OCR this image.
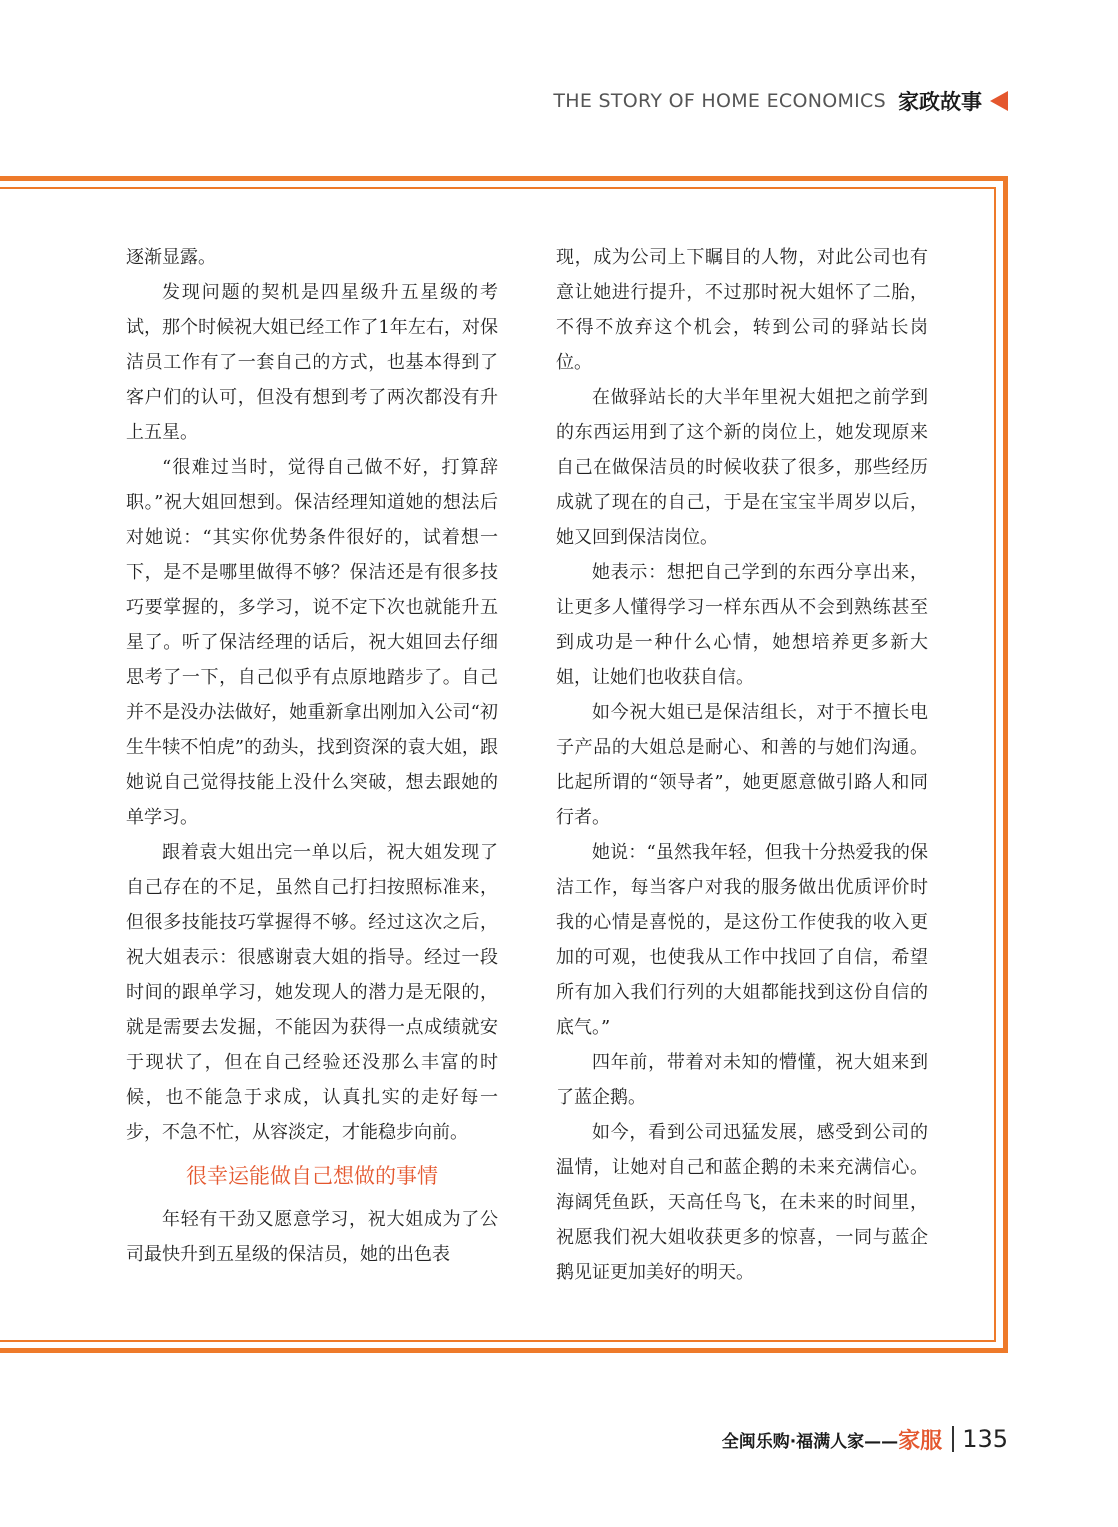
THE STORY OF HOME ECONOMICS 家政故事

逐渐显露。

发现问题的契机是四星级升五星级的考试，那个时候祝大姐已经工作了1年左右，对保洁员工作有了一套自己的方式，也基本得到了客户们的认可，但没有想到考了两次都没有升上五星。

“很难过当时，觉得自己做不好，打算辞职。”祝大姐回想到。保洁经理知道她的想法后对她说：“其实你优势条件很好的，试着想一下，是不是哪里做得不够？保洁还是有很多技巧要掌握的，多学习，说不定下次也就能升五星了。听了保洁经理的话后，祝大姐回去仔细思考了一下，自己似乎有点原地踏步了。自己并不是没办法做好，她重新拿出刚加入公司“初生牛犊不怕虎”的劲头，找到资深的袁大姐，跟她说自己觉得技能上没什么突破，想去跟她的单学习。

跟着袁大姐出完一单以后，祝大姐发现了自己存在的不足，虽然自己打扫按照标准来，但很多技能技巧掌握得不够。经过这次之后，祝大姐表示：很感谢袁大姐的指导。经过一段时间的跟单学习，她发现人的潜力是无限的，就是需要去发掘，不能因为获得一点成绩就安于现状了，但在自己经验还没那么丰富的时候，也不能急于求成，认真扎实的走好每一步，不急不忙，从容淡定，才能稳步向前。

很幸运能做自己想做的事情

年轻有干劲又愿意学习，祝大姐成为了公司最快升到五星级的保洁员，她的出色表

现，成为公司上下瞩目的人物，对此公司也有意让她进行提升，不过那时祝大姐怀了二胎，不得不放弃这个机会，转到公司的驿站长岗位。

在做驿站长的大半年里祝大姐把之前学到的东西运用到了这个新的岗位上，她发现原来自己在做保洁员的时候收获了很多，那些经历成就了现在的自己，于是在宝宝半周岁以后，她又回到保洁岗位。

她表示：想把自己学到的东西分享出来，让更多人懂得学习一样东西从不会到熟练甚至到成功是一种什么心情，她想培养更多新大姐，让她们也收获自信。

如今祝大姐已是保洁组长，对于不擅长电子产品的大姐总是耐心、和善的与她们沟通。比起所谓的“领导者”，她更愿意做引路人和同行者。

她说：“虽然我年轻，但我十分热爱我的保洁工作，每当客户对我的服务做出优质评价时我的心情是喜悦的，是这份工作使我的收入更加的可观，也使我从工作中找回了自信，希望所有加入我们行列的大姐都能找到这份自信的底气。”

四年前，带着对未知的懵懂，祝大姐来到了蓝企鹅。

如今，看到公司迅猛发展，感受到公司的温情，让她对自己和蓝企鹅的未来充满信心。海阔凭鱼跃，天高任鸟飞，在未来的时间里，祝愿我们祝大姐收获更多的惊喜，一同与蓝企鹅见证更加美好的明天。

全闽乐购·福满人家—— 家服 135
